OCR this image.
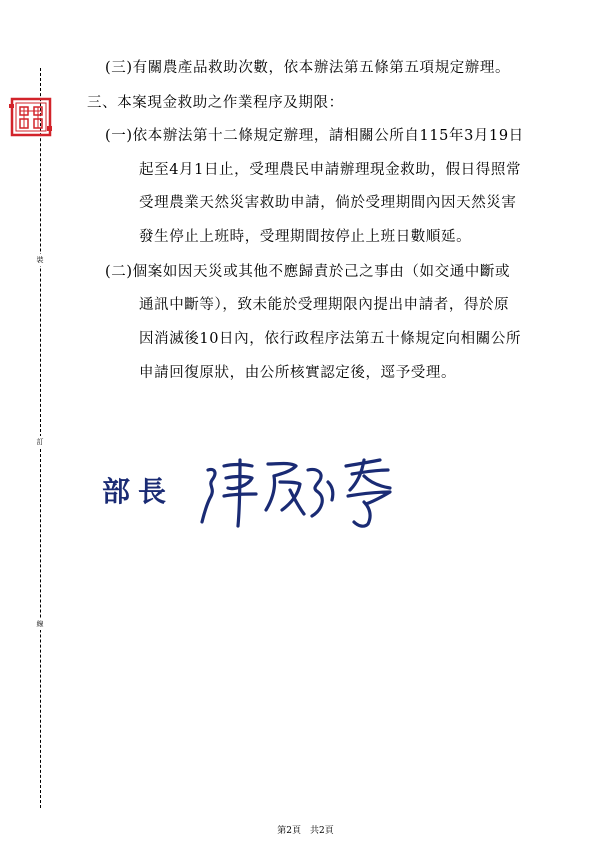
裝
訂
線
(三)有關農產品救助次數，依本辦法第五條第五項規定辦理。
三、本案現金救助之作業程序及期限：
(一)依本辦法第十二條規定辦理，請相關公所自115年3月19日
起至4月1日止，受理農民申請辦理現金救助，假日得照常
受理農業天然災害救助申請，倘於受理期間內因天然災害
發生停止上班時，受理期間按停止上班日數順延。
(二)個案如因天災或其他不應歸責於己之事由（如交通中斷或
通訊中斷等），致未能於受理期限內提出申請者，得於原
因消滅後10日內，依行政程序法第五十條規定向相關公所
申請回復原狀，由公所核實認定後，逕予受理。
部長
第2頁　共2頁
